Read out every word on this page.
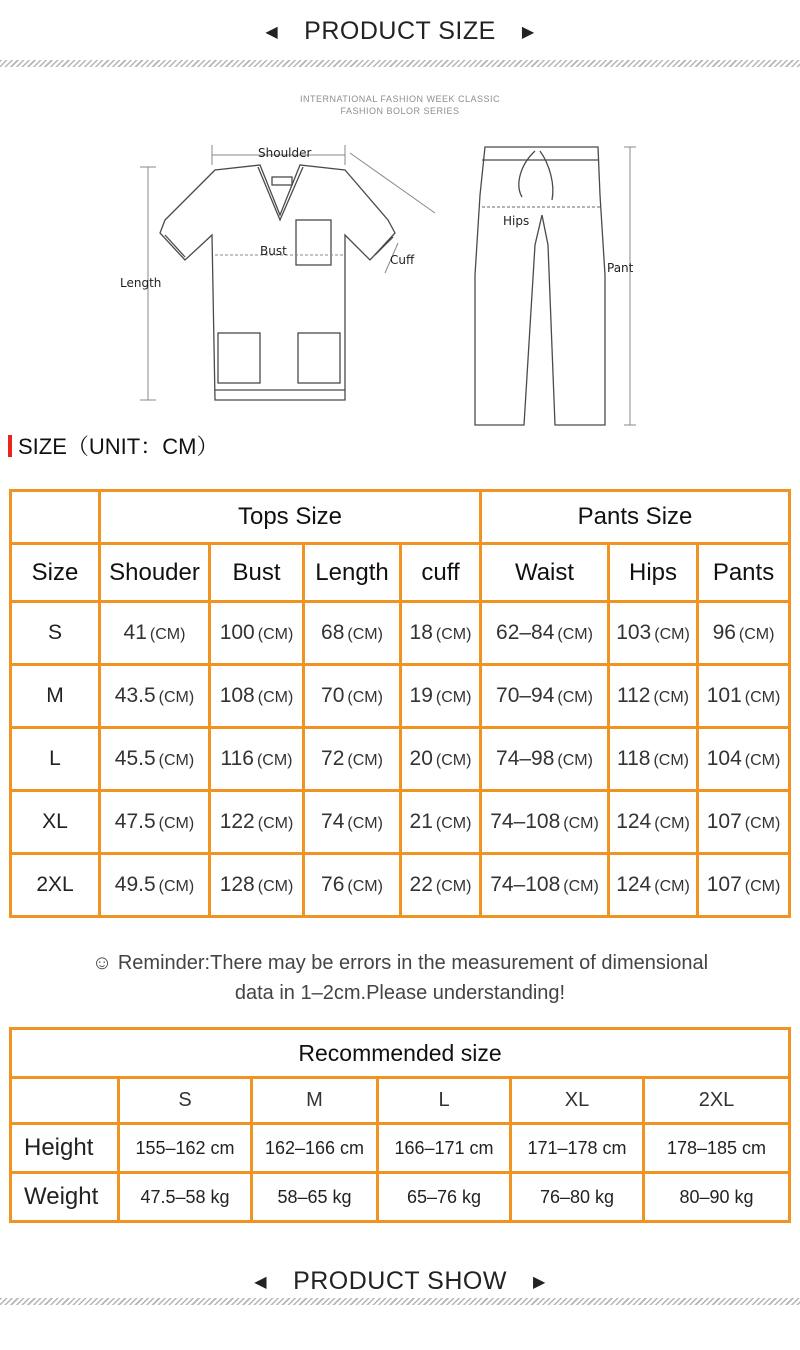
◀ PRODUCT SIZE ▶
INTERNATIONAL FASHION WEEK CLASSIC
FASHION BOLOR SERIES
Shoulder
Bust
Cuff
Length
Hips
Pant
SIZE（UNIT：CM）
	Tops Size				Pants Size		
Size	Shouder	Bust	Length	cuff	Waist	Hips	Pants
S	41 (CM)	100 (CM)	68 (CM)	18 (CM)	62–84 (CM)	103 (CM)	96 (CM)
M	43.5 (CM)	108 (CM)	70 (CM)	19 (CM)	70–94 (CM)	112 (CM)	101 (CM)
L	45.5 (CM)	116 (CM)	72 (CM)	20 (CM)	74–98 (CM)	118 (CM)	104 (CM)
XL	47.5 (CM)	122 (CM)	74 (CM)	21 (CM)	74–108 (CM)	124 (CM)	107 (CM)
2XL	49.5 (CM)	128 (CM)	76 (CM)	22 (CM)	74–108 (CM)	124 (CM)	107 (CM)
☺ Reminder:There may be errors in the measurement of dimensional
data in 1–2cm.Please understanding!
Recommended size					
	S	M	L	XL	2XL
Height	155–162 cm	162–166 cm	166–171 cm	171–178 cm	178–185 cm
Weight	47.5–58 kg	58–65 kg	65–76 kg	76–80 kg	80–90 kg
◀ PRODUCT SHOW ▶
